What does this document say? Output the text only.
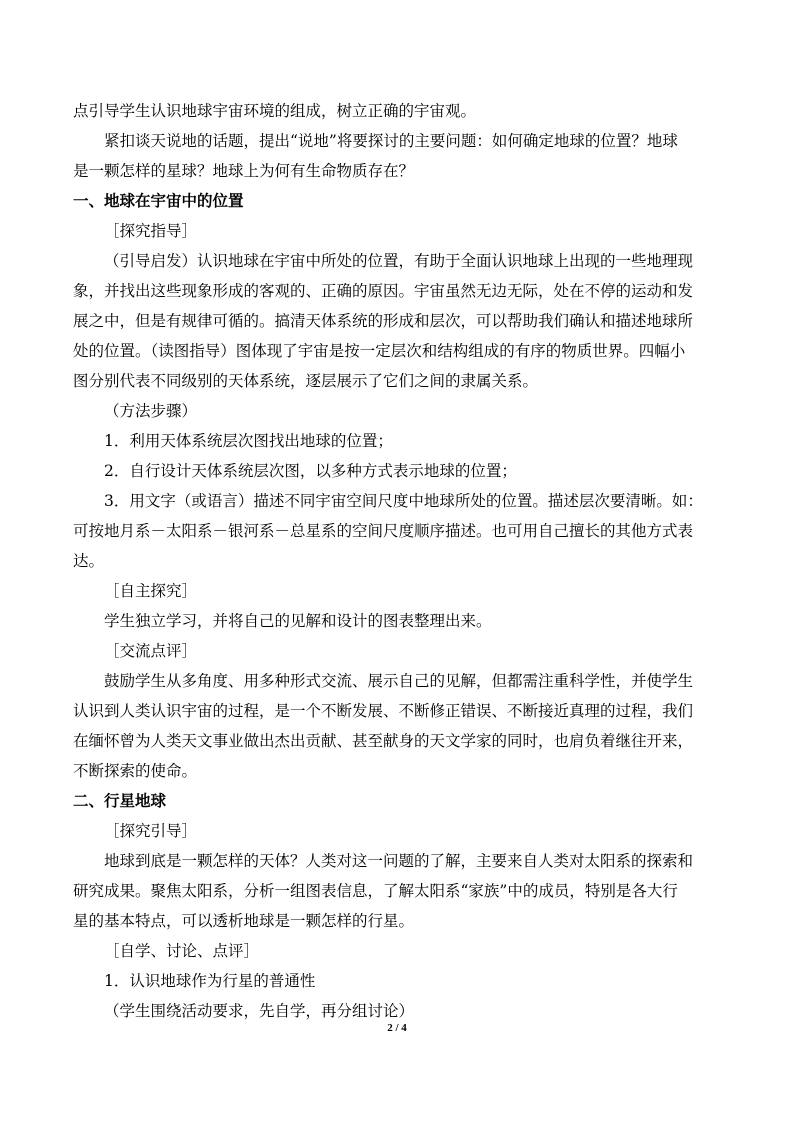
点引导学生认识地球宇宙环境的组成，树立正确的宇宙观。
紧扣谈天说地的话题，提出“说地”将要探讨的主要问题：如何确定地球的位置？地球
是一颗怎样的星球？地球上为何有生命物质存在？
一、地球在宇宙中的位置
［探究指导］
（引导启发）认识地球在宇宙中所处的位置，有助于全面认识地球上出现的一些地理现
象，并找出这些现象形成的客观的、正确的原因。宇宙虽然无边无际，处在不停的运动和发
展之中，但是有规律可循的。搞清天体系统的形成和层次，可以帮助我们确认和描述地球所
处的位置。（读图指导）图体现了宇宙是按一定层次和结构组成的有序的物质世界。四幅小
图分别代表不同级别的天体系统，逐层展示了它们之间的隶属关系。
（方法步骤）
1．利用天体系统层次图找出地球的位置；
2．自行设计天体系统层次图，以多种方式表示地球的位置；
3．用文字（或语言）描述不同宇宙空间尺度中地球所处的位置。描述层次要清晰。如：
可按地月系－太阳系－银河系－总星系的空间尺度顺序描述。也可用自己擅长的其他方式表
达。
［自主探究］
学生独立学习，并将自己的见解和设计的图表整理出来。
［交流点评］
鼓励学生从多角度、用多种形式交流、展示自己的见解，但都需注重科学性，并使学生
认识到人类认识宇宙的过程，是一个不断发展、不断修正错误、不断接近真理的过程，我们
在缅怀曾为人类天文事业做出杰出贡献、甚至献身的天文学家的同时，也肩负着继往开来，
不断探索的使命。
二、行星地球
［探究引导］
地球到底是一颗怎样的天体？人类对这一问题的了解，主要来自人类对太阳系的探索和
研究成果。聚焦太阳系，分析一组图表信息，了解太阳系“家族”中的成员，特别是各大行
星的基本特点，可以透析地球是一颗怎样的行星。
［自学、讨论、点评］
1．认识地球作为行星的普通性
（学生围绕活动要求，先自学，再分组讨论）
2 / 4
